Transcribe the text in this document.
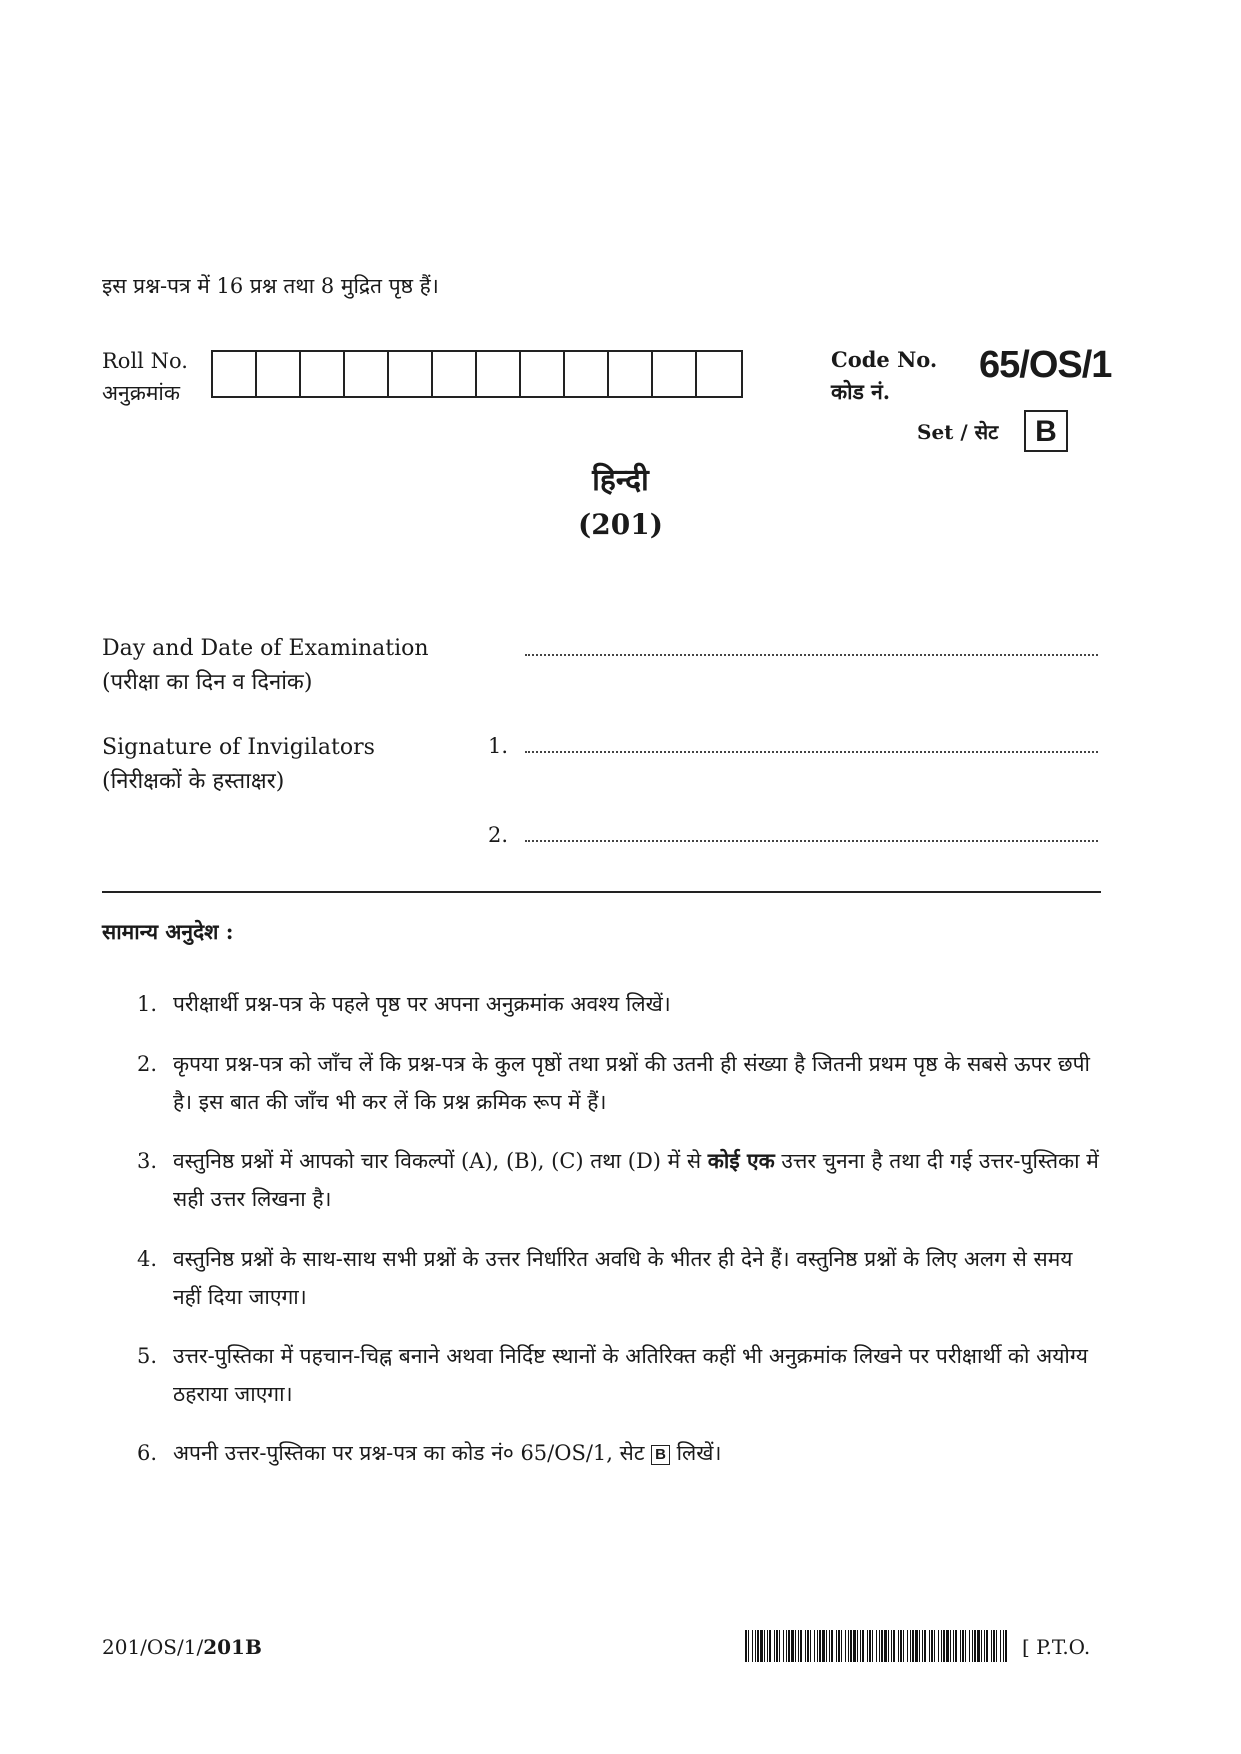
इस प्रश्न-पत्र में 16 प्रश्न तथा 8 मुद्रित पृष्ठ हैं।
Roll No.
अनुक्रमांक
Code No.
कोड नं.
65/OS/1
Set / सेट	B
हिन्दी
(201)
Day and Date of Examination
(परीक्षा का दिन व दिनांक)
Signature of Invigilators
(निरीक्षकों के हस्ताक्षर)
1.
2.
सामान्य अनुदेश :
1. परीक्षार्थी प्रश्न-पत्र के पहले पृष्ठ पर अपना अनुक्रमांक अवश्य लिखें।
2. कृपया प्रश्न-पत्र को जाँच लें कि प्रश्न-पत्र के कुल पृष्ठों तथा प्रश्नों की उतनी ही संख्या है जितनी प्रथम पृष्ठ के सबसे ऊपर छपी है। इस बात की जाँच भी कर लें कि प्रश्न क्रमिक रूप में हैं।
3. वस्तुनिष्ठ प्रश्नों में आपको चार विकल्पों (A), (B), (C) तथा (D) में से कोई एक उत्तर चुनना है तथा दी गई उत्तर-पुस्तिका में सही उत्तर लिखना है।
4. वस्तुनिष्ठ प्रश्नों के साथ-साथ सभी प्रश्नों के उत्तर निर्धारित अवधि के भीतर ही देने हैं। वस्तुनिष्ठ प्रश्नों के लिए अलग से समय नहीं दिया जाएगा।
5. उत्तर-पुस्तिका में पहचान-चिह्न बनाने अथवा निर्दिष्ट स्थानों के अतिरिक्त कहीं भी अनुक्रमांक लिखने पर परीक्षार्थी को अयोग्य ठहराया जाएगा।
6. अपनी उत्तर-पुस्तिका पर प्रश्न-पत्र का कोड नं० 65/OS/1, सेट B लिखें।
201/OS/1/201B	[ P.T.O.
